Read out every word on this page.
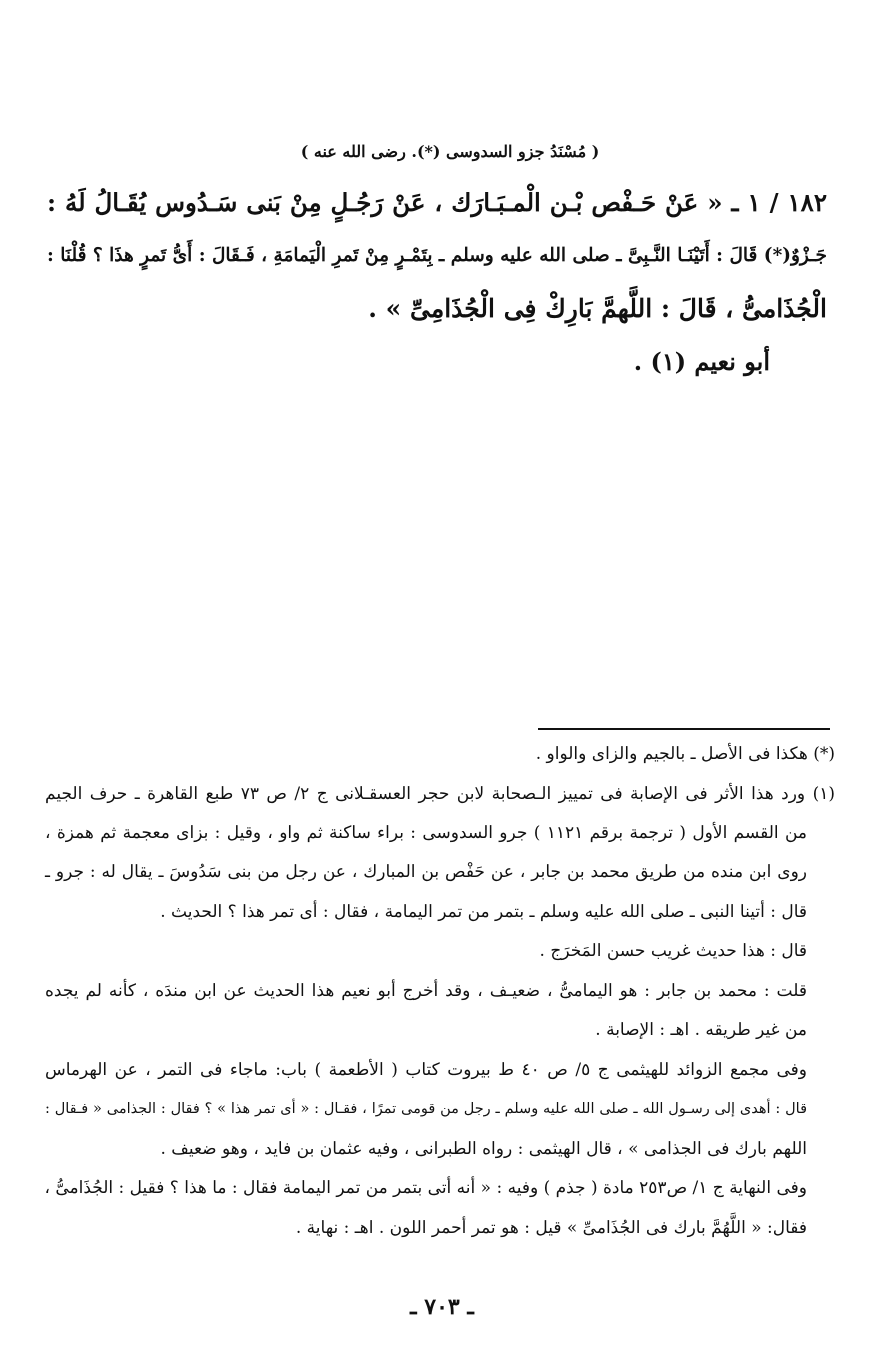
( مُسْنَدُ جزو السدوسى (*). رضى الله عنه )
١٨٢ / ١ ـ « عَنْ حَـفْص بْـن الْمـبَـارَك ، عَنْ رَجُـلٍ مِنْ بَنى سَـدُوس يُقَـالُ لَهُ :
جَـزْوٌ(*) قَالَ : أَتَيْنَـا النَّـبِىَّ ـ صلى الله عليه وسلم ـ بِتَمْـرٍ مِنْ تَمرِ الْيَمامَةِ ، فَـقَالَ : أَىُّ تَمرٍ هذَا ؟ قُلْنَا :
الْجُذَامىُّ ، قَالَ : اللَّهمَّ بَارِكْ فِى الْجُذَامِىِّ » .
أبو نعيم (١) .
(*) هكذا فى الأصل ـ بالجيم والزاى والواو .
(١) ورد هذا الأثر فى الإصابة فى تمييز الـصحابة لابن حجر العسقـلانى ج ٢/ ص ٧٣ طبع القاهرة ـ حرف الجيم
من القسم الأول ( ترجمة برقم ١١٢١ ) جرو السدوسى : براء ساكنة ثم واو ، وقيل : بزاى معجمة ثم همزة ،
روى ابن منده من طريق محمد بن جابر ، عن حَفْص بن المبارك ، عن رجل من بنى سَدُوسَ ـ يقال له : جرو ـ
قال : أتينا النبى ـ صلى الله عليه وسلم ـ بتمر من تمر اليمامة ، فقال : أى تمر هذا ؟ الحديث .
قال : هذا حديث غريب حسن المَخرَج .
قلت : محمد بن جابر : هو اليمامىُّ ، ضعيـف ، وقد أخرج أبو نعيم هذا الحديث عن ابن مندَه ، كأنه لم يجده
من غير طريقه . اهـ : الإصابة .
وفى مجمع الزوائد للهيثمى ج ٥/ ص ٤٠ ط بيروت كتاب ( الأطعمة ) باب: ماجاء فى التمر ، عن الهرماس
قال : أهدى إلى رسـول الله ـ صلى الله عليه وسلم ـ رجل من قومى تمرًا ، فقـال : « أى تمر هذا » ؟ فقال : الجذامى « فـقال :
اللهم بارك فى الجذامى » ، قال الهيثمى : رواه الطبرانى ، وفيه عثمان بن فايد ، وهو ضعيف .
وفى النهاية ج ١/ ص٢٥٣ مادة ( جذم ) وفيه : « أنه أتى بتمر من تمر اليمامة فقال : ما هذا ؟ فقيل : الجُذَامىُّ ،
فقال: « اللَّهُمَّ بارك فى الجُذَامىِّ » قيل : هو تمر أحمر اللون . اهـ : نهاية .
ـ ٧٠٣ ـ
